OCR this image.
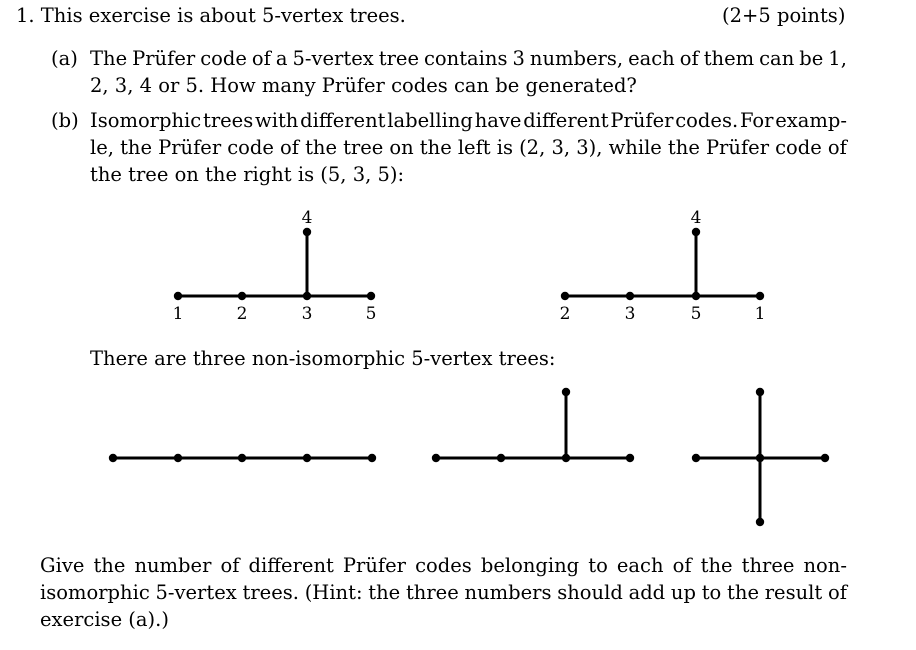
1. This exercise is about 5-vertex trees.	(2+5 points)
(a) The Prüfer code of a 5-vertex tree contains 3 numbers, each of them can be 1,
2, 3, 4 or 5. How many Prüfer codes can be generated?
(b) Isomorphic trees with different labelling have different Prüfer codes. For examp-
le, the Prüfer code of the tree on the left is (2, 3, 3), while the Prüfer code of
the tree on the right is (5, 3, 5):
4
1	2	3	5
4
2	3	5	1
There are three non-isomorphic 5-vertex trees:
Give the number of different Prüfer codes belonging to each of the three non-
isomorphic 5-vertex trees. (Hint: the three numbers should add up to the result of
exercise (a).)
